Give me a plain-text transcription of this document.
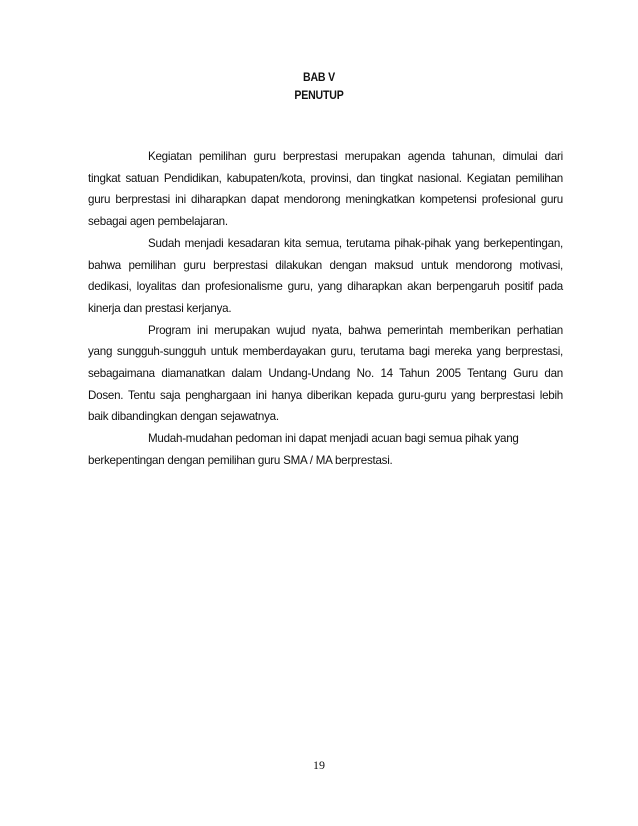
BAB V
PENUTUP

Kegiatan pemilihan guru berprestasi merupakan agenda tahunan, dimulai dari tingkat satuan Pendidikan, kabupaten/kota, provinsi, dan tingkat nasional. Kegiatan pemilihan guru berprestasi ini diharapkan dapat mendorong meningkatkan kompetensi profesional guru sebagai agen pembelajaran.

Sudah menjadi kesadaran kita semua, terutama pihak-pihak yang berkepentingan, bahwa pemilihan guru berprestasi dilakukan dengan maksud untuk mendorong motivasi, dedikasi, loyalitas dan profesionalisme guru, yang diharapkan akan berpengaruh positif pada kinerja dan prestasi kerjanya.

Program ini merupakan wujud nyata, bahwa pemerintah memberikan perhatian yang sungguh-sungguh untuk memberdayakan guru, terutama bagi mereka yang berprestasi, sebagaimana diamanatkan dalam Undang-Undang No. 14 Tahun 2005 Tentang Guru dan Dosen. Tentu saja penghargaan ini hanya diberikan kepada guru-guru yang berprestasi lebih baik dibandingkan dengan sejawatnya.

Mudah-mudahan pedoman ini dapat menjadi acuan bagi semua pihak yang berkepentingan dengan pemilihan guru SMA / MA berprestasi.

19
